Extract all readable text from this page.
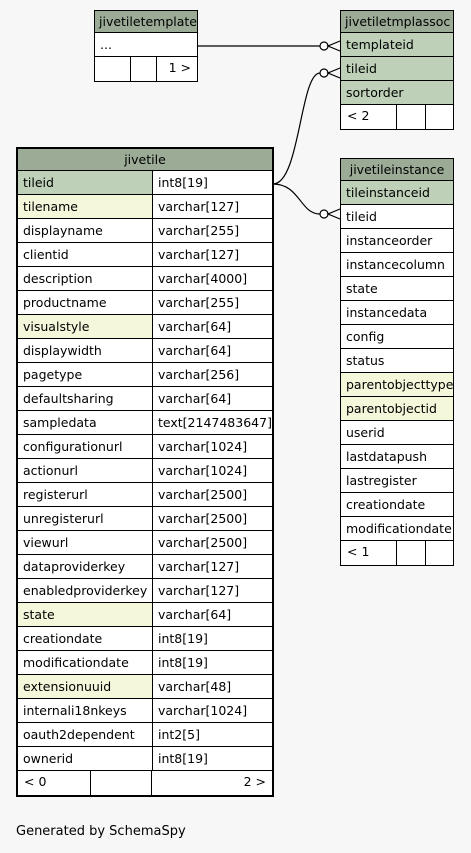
jivetiletemplate
...
1 >
jivetiletmplassoc
templateid
tileid
sortorder
< 2
jivetile
tileid	int8[19]
tilename	varchar[127]
displayname	varchar[255]
clientid	varchar[127]
description	varchar[4000]
productname	varchar[255]
visualstyle	varchar[64]
displaywidth	varchar[64]
pagetype	varchar[256]
defaultsharing	varchar[64]
sampledata	text[2147483647]
configurationurl	varchar[1024]
actionurl	varchar[1024]
registerurl	varchar[2500]
unregisterurl	varchar[2500]
viewurl	varchar[2500]
dataproviderkey	varchar[127]
enabledproviderkey varchar[127]
state	varchar[64]
creationdate	int8[19]
modificationdate	int8[19]
extensionuuid	varchar[48]
internali18nkeys	varchar[1024]
oauth2dependent	int2[5]
ownerid	int8[19]
< 0	2 >
jivetileinstance
tileinstanceid
tileid
instanceorder
instancecolumn
state
instancedata
config
status
parentobjecttype
parentobjectid
userid
lastdatapush
lastregister
creationdate
modificationdate
< 1
Generated by SchemaSpy
